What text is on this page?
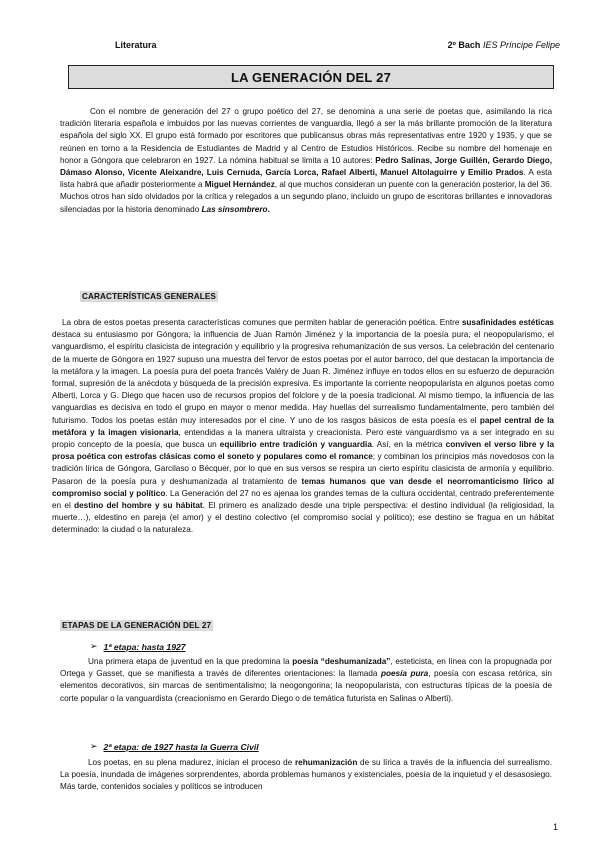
Literatura	2º Bach IES Príncipe Felipe
LA GENERACIÓN DEL 27

Con el nombre de generación del 27 o grupo poético del 27, se denomina a una serie de poetas que, asimilando la rica tradición literaria española e imbuidos por las nuevas corrientes de vanguardia, llegó a ser la más brillante promoción de la literatura española del siglo XX. El grupo está formado por escritores que publicansus obras más representativas entre 1920 y 1935, y que se reúnen en torno a la Residencia de Estudiantes de Madrid y al Centro de Estudios Históricos. Recibe su nombre del homenaje en honor a Góngora que celebraron en 1927. La nómina habitual se limita a 10 autores: Pedro Salinas, Jorge Guillén, Gerardo Diego, Dámaso Alonso, Vicente Aleixandre, Luis Cernuda, García Lorca, Rafael Alberti, Manuel Altolaguirre y Emilio Prados. A esta lista habrá que añadir posteriormente a Miguel Hernández, al que muchos consideran un puente con la generación posterior, la del 36. Muchos otros han sido olvidados por la crítica y relegados a un segundo plano, incluido un grupo de escritoras brillantes e innovadoras silenciadas por la historia denominado Las sinsombrero.

CARACTERÍSTICAS GENERALES

La obra de estos poetas presenta características comunes que permiten hablar de generación poética. Entre susafinidades estéticas destaca su entusiasmo por Góngora, la influencia de Juan Ramón Jiménez y la importancia de la poesía pura, el neopopularismo, el vanguardismo, el espíritu clasicista de integración y equilibrio y la progresiva rehumanización de sus versos. La celebración del centenario de la muerte de Góngora en 1927 supuso una muestra del fervor de estos poetas por el autor barroco, del que destacan la importancia de la metáfora y la imagen. La poesía pura del poeta francés Valéry de Juan R. Jiménez influye en todos ellos en su esfuerzo de depuración formal, supresión de la anécdota y búsqueda de la precisión expresiva. Es importante la corriente neopopularista en algunos poetas como Alberti, Lorca y G. Diego que hacen uso de recursos propios del folclore y de la poesía tradicional. Al mismo tiempo, la influencia de las vanguardias es decisiva en todo el grupo en mayor o menor medida. Hay huellas del surrealismo fundamentalmente, pero también del futurismo. Todos los poetas están muy interesados por el cine. Y uno de los rasgos básicos de esta poesía es el papel central de la metáfora y la imagen visionaria, entendidas a la manera ultraísta y creacionista. Pero este vanguardismo va a ser integrado en su propio concepto de la poesía, que busca un equilibrio entre tradición y vanguardia. Así, en la métrica conviven el verso libre y la prosa poética con estrofas clásicas como el soneto y populares como el romance; y combinan los principios más novedosos con la tradición lírica de Góngora, Garcilaso o Bécquer, por lo que en sus versos se respira un cierto espíritu clasicista de armonía y equilibrio. Pasaron de la poesía pura y deshumanizada al tratamiento de temas humanos que van desde el neorromanticismo lírico al compromiso social y político. La Generación del 27 no es ajenaa los grandes temas de la cultura occidental, centrado preferentemente en el destino del hombre y su hábitat. El primero es analizado desde una triple perspectiva: el destino individual (la religiosidad, la muerte…), eldestino en pareja (el amor) y el destino colectivo (el compromiso social y político); ese destino se fragua en un hábitat determinado: la ciudad o la naturaleza.

ETAPAS DE LA GENERACIÓN DEL 27
➢ 1ª etapa: hasta 1927

Una primera etapa de juventud en la que predomina la poesía “deshumanizada”, esteticista, en línea con la propugnada por Ortega y Gasset, que se manifiesta a través de diferentes orientaciones: la llamada poesía pura, poesía con escasa retórica, sin elementos decorativos, sin marcas de sentimentalismo; la neogongorina; la neopopularista, con estructuras típicas de la poesía de corte popular o la vanguardista (creacionismo en Gerardo Diego o de temática futurista en Salinas o Alberti).

➢ 2ª etapa: de 1927 hasta la Guerra Civil

Los poetas, en su plena madurez, inician el proceso de rehumanización de su lírica a través de la influencia del surrealismo. La poesía, inundada de imágenes sorprendentes, aborda problemas humanos y existenciales, poesía de la inquietud y el desasosiego. Más tarde, contenidos sociales y políticos se introducen

1
